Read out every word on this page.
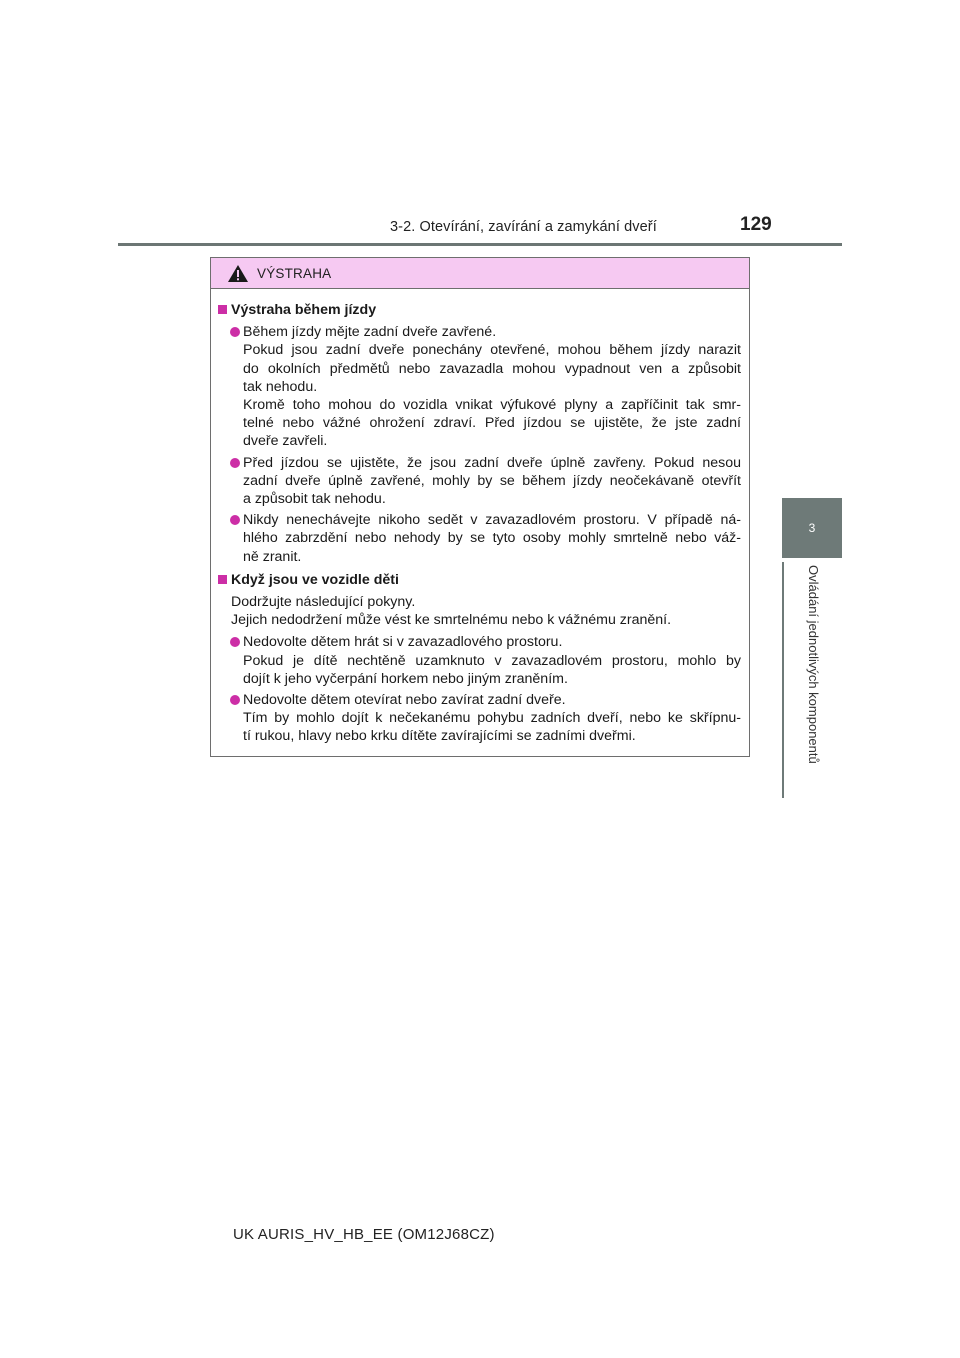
3-2. Otevírání, zavírání a zamykání dveří	129
3
Ovládání jednotlivých komponentů
VÝSTRAHA
Výstraha během jízdy
Během jízdy mějte zadní dveře zavřené.
Pokud jsou zadní dveře ponechány otevřené, mohou během jízdy narazit
do okolních předmětů nebo zavazadla mohou vypadnout ven a způsobit
tak nehodu.
Kromě toho mohou do vozidla vnikat výfukové plyny a zapříčinit tak smr-
telné nebo vážné ohrožení zdraví. Před jízdou se ujistěte, že jste zadní
dveře zavřeli.
Před jízdou se ujistěte, že jsou zadní dveře úplně zavřeny. Pokud nesou
zadní dveře úplně zavřené, mohly by se během jízdy neočekávaně otevřít
a způsobit tak nehodu.
Nikdy nenechávejte nikoho sedět v zavazadlovém prostoru. V případě ná-
hlého zabrzdění nebo nehody by se tyto osoby mohly smrtelně nebo váž-
ně zranit.
Když jsou ve vozidle děti
Dodržujte následující pokyny.
Jejich nedodržení může vést ke smrtelnému nebo k vážnému zranění.
Nedovolte dětem hrát si v zavazadlového prostoru.
Pokud je dítě nechtěně uzamknuto v zavazadlovém prostoru, mohlo by
dojít k jeho vyčerpání horkem nebo jiným zraněním.
Nedovolte dětem otevírat nebo zavírat zadní dveře.
Tím by mohlo dojít k nečekanému pohybu zadních dveří, nebo ke skřípnu-
tí rukou, hlavy nebo krku dítěte zavírajícími se zadními dveřmi.
UK AURIS_HV_HB_EE (OM12J68CZ)
